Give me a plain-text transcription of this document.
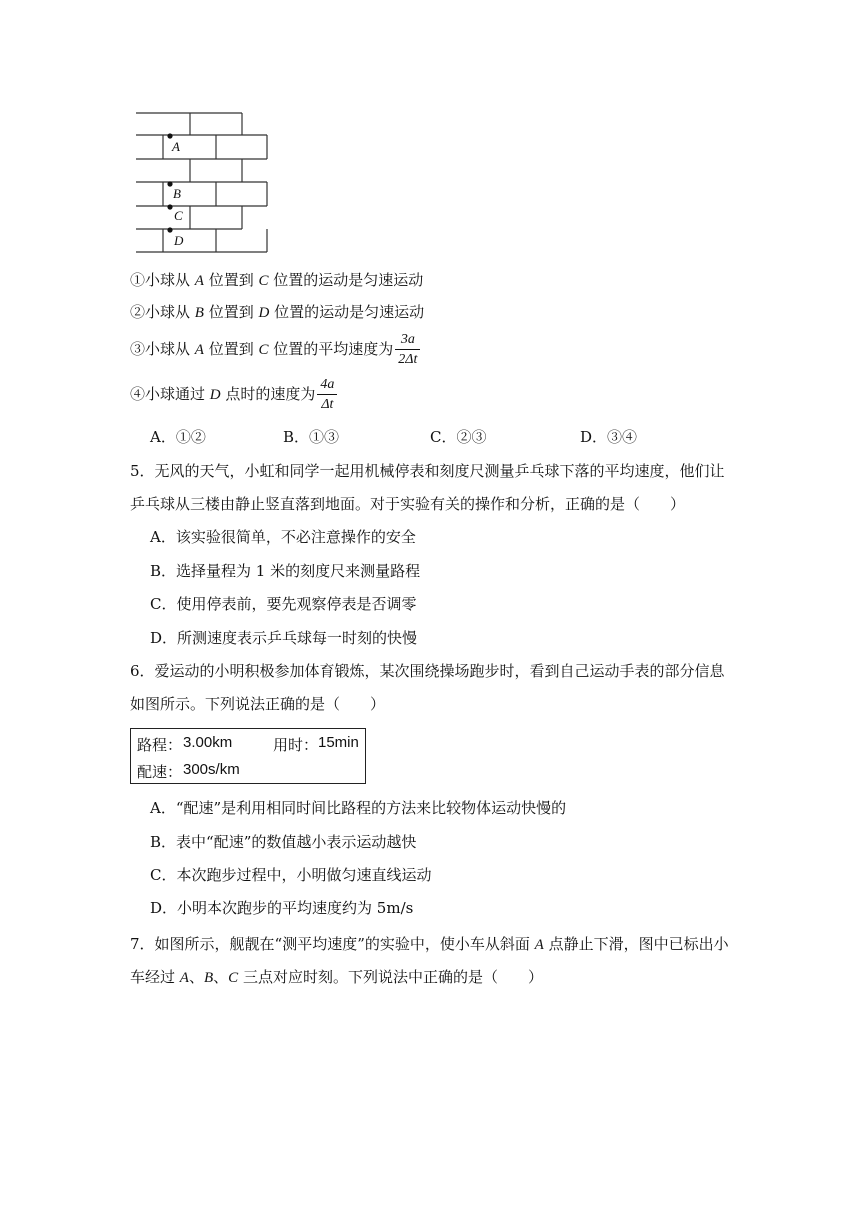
A
B
C
D
①小球从 A 位置到 C 位置的运动是匀速运动
②小球从 B 位置到 D 位置的运动是匀速运动
③小球从 A 位置到 C 位置的平均速度为 $\frac{3a}{2\Delta t}$
④小球通过 D 点时的速度为 $\frac{4a}{\Delta t}$
A．①②	B．①③	C．②③	D．③④
5．无风的天气，小虹和同学一起用机械停表和刻度尺测量乒乓球下落的平均速度，他们让
乒乓球从三楼由静止竖直落到地面。对于实验有关的操作和分析，正确的是（　　）
A．该实验很简单，不必注意操作的安全
B．选择量程为 1 米的刻度尺来测量路程
C．使用停表前，要先观察停表是否调零
D．所测速度表示乒乓球每一时刻的快慢
6．爱运动的小明积极参加体育锻炼，某次围绕操场跑步时，看到自己运动手表的部分信息
如图所示。下列说法正确的是（　　）
路程： 3.00km	用时： 15min
配速： 300s/km
A．“配速”是利用相同时间比路程的方法来比较物体运动快慢的
B．表中“配速”的数值越小表示运动越快
C．本次跑步过程中，小明做匀速直线运动
D．小明本次跑步的平均速度约为 5m/s
7．如图所示，舰靓在“测平均速度”的实验中，使小车从斜面 A 点静止下滑，图中已标出小
车经过 A、B、C 三点对应时刻。下列说法中正确的是（　　）
